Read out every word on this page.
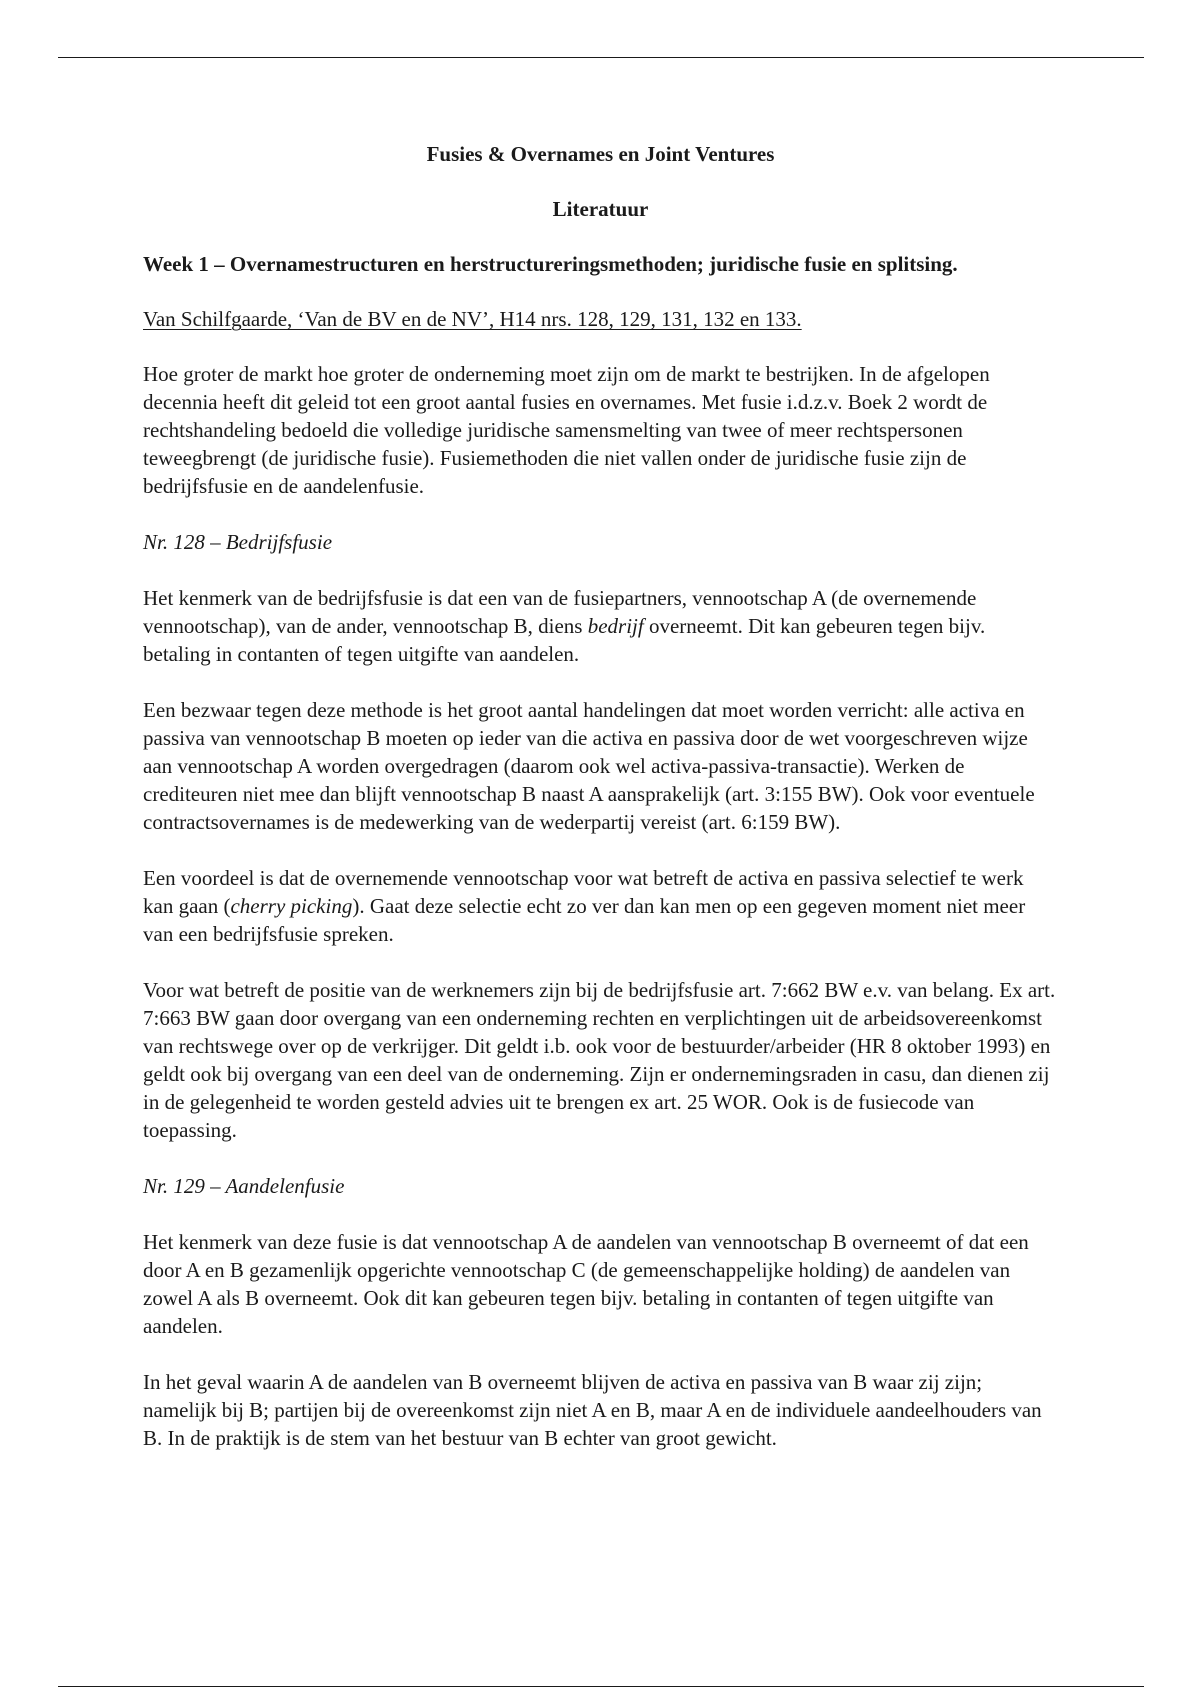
Fusies & Overnames en Joint Ventures

Literatuur

Week 1 – Overnamestructuren en herstructureringsmethoden; juridische fusie en splitsing.

Van Schilfgaarde, ‘Van de BV en de NV’, H14 nrs. 128, 129, 131, 132 en 133.

Hoe groter de markt hoe groter de onderneming moet zijn om de markt te bestrijken. In de afgelopen decennia heeft dit geleid tot een groot aantal fusies en overnames. Met fusie i.d.z.v. Boek 2 wordt de rechtshandeling bedoeld die volledige juridische samensmelting van twee of meer rechtspersonen teweegbrengt (de juridische fusie). Fusiemethoden die niet vallen onder de juridische fusie zijn de bedrijfsfusie en de aandelenfusie.

Nr. 128 – Bedrijfsfusie

Het kenmerk van de bedrijfsfusie is dat een van de fusiepartners, vennootschap A (de overnemende vennootschap), van de ander, vennootschap B, diens bedrijf overneemt. Dit kan gebeuren tegen bijv. betaling in contanten of tegen uitgifte van aandelen.

Een bezwaar tegen deze methode is het groot aantal handelingen dat moet worden verricht: alle activa en passiva van vennootschap B moeten op ieder van die activa en passiva door de wet voorgeschreven wijze aan vennootschap A worden overgedragen (daarom ook wel activa-passiva-transactie). Werken de crediteuren niet mee dan blijft vennootschap B naast A aansprakelijk (art. 3:155 BW). Ook voor eventuele contractsovernames is de medewerking van de wederpartij vereist (art. 6:159 BW).

Een voordeel is dat de overnemende vennootschap voor wat betreft de activa en passiva selectief te werk kan gaan (cherry picking). Gaat deze selectie echt zo ver dan kan men op een gegeven moment niet meer van een bedrijfsfusie spreken.

Voor wat betreft de positie van de werknemers zijn bij de bedrijfsfusie art. 7:662 BW e.v. van belang. Ex art. 7:663 BW gaan door overgang van een onderneming rechten en verplichtingen uit de arbeidsovereenkomst van rechtswege over op de verkrijger. Dit geldt i.b. ook voor de bestuurder/arbeider (HR 8 oktober 1993) en geldt ook bij overgang van een deel van de onderneming. Zijn er ondernemingsraden in casu, dan dienen zij in de gelegenheid te worden gesteld advies uit te brengen ex art. 25 WOR. Ook is de fusiecode van toepassing.

Nr. 129 – Aandelenfusie

Het kenmerk van deze fusie is dat vennootschap A de aandelen van vennootschap B overneemt of dat een door A en B gezamenlijk opgerichte vennootschap C (de gemeenschappelijke holding) de aandelen van zowel A als B overneemt. Ook dit kan gebeuren tegen bijv. betaling in contanten of tegen uitgifte van aandelen.

In het geval waarin A de aandelen van B overneemt blijven de activa en passiva van B waar zij zijn; namelijk bij B; partijen bij de overeenkomst zijn niet A en B, maar A en de individuele aandeelhouders van B. In de praktijk is de stem van het bestuur van B echter van groot gewicht.
